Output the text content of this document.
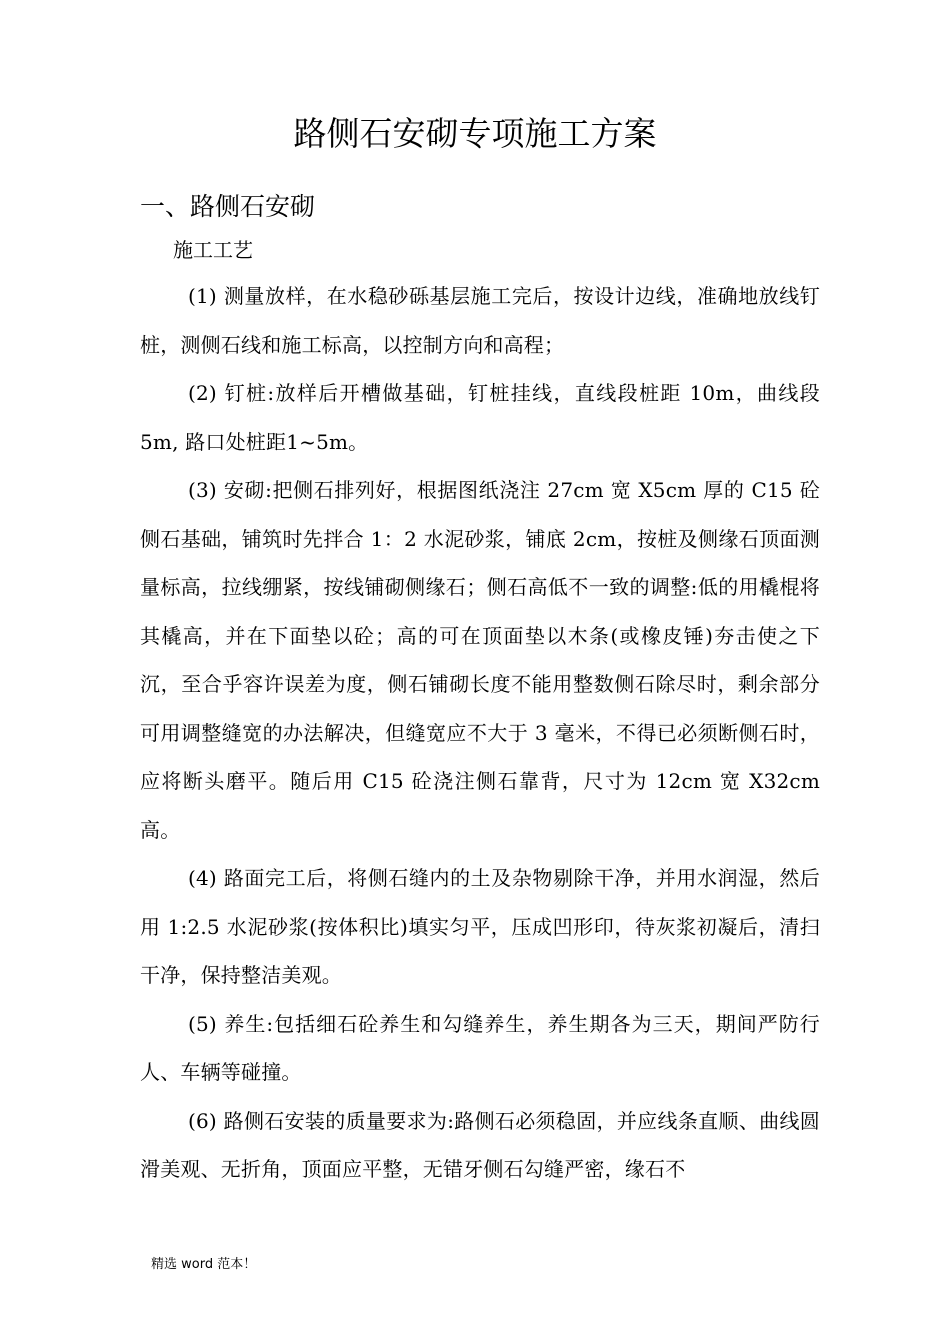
路侧石安砌专项施工方案
一、路侧石安砌
施工工艺

(1) 测量放样，在水稳砂砾基层施工完后，按设计边线，准确地放线钉桩，测侧石线和施工标高，以控制方向和高程；

(2) 钉桩:放样后开槽做基础，钉桩挂线，直线段桩距 10m，曲线段 5m, 路口处桩距1~5m。

(3) 安砌:把侧石排列好，根据图纸浇注 27cm 宽 X5cm 厚的 C15 砼侧石基础，铺筑时先拌合 1：2 水泥砂浆，铺底 2cm，按桩及侧缘石顶面测量标高，拉线绷紧，按线铺砌侧缘石；侧石高低不一致的调整:低的用橇棍将其橇高，并在下面垫以砼；高的可在顶面垫以木条(或橡皮锤)夯击使之下沉，至合乎容许误差为度，侧石铺砌长度不能用整数侧石除尽时，剩余部分可用调整缝宽的办法解决，但缝宽应不大于 3 毫米，不得已必须断侧石时，应将断头磨平。随后用 C15 砼浇注侧石靠背，尺寸为 12cm 宽 X32cm 高。

(4) 路面完工后，将侧石缝内的土及杂物剔除干净，并用水润湿，然后用 1:2.5 水泥砂浆(按体积比)填实匀平，压成凹形印，待灰浆初凝后，清扫干净，保持整洁美观。

(5) 养生:包括细石砼养生和勾缝养生，养生期各为三天，期间严防行人、车辆等碰撞。

(6) 路侧石安装的质量要求为:路侧石必须稳固，并应线条直顺、曲线圆滑美观、无折角，顶面应平整，无错牙侧石勾缝严密，缘石不

精选 word 范本！
